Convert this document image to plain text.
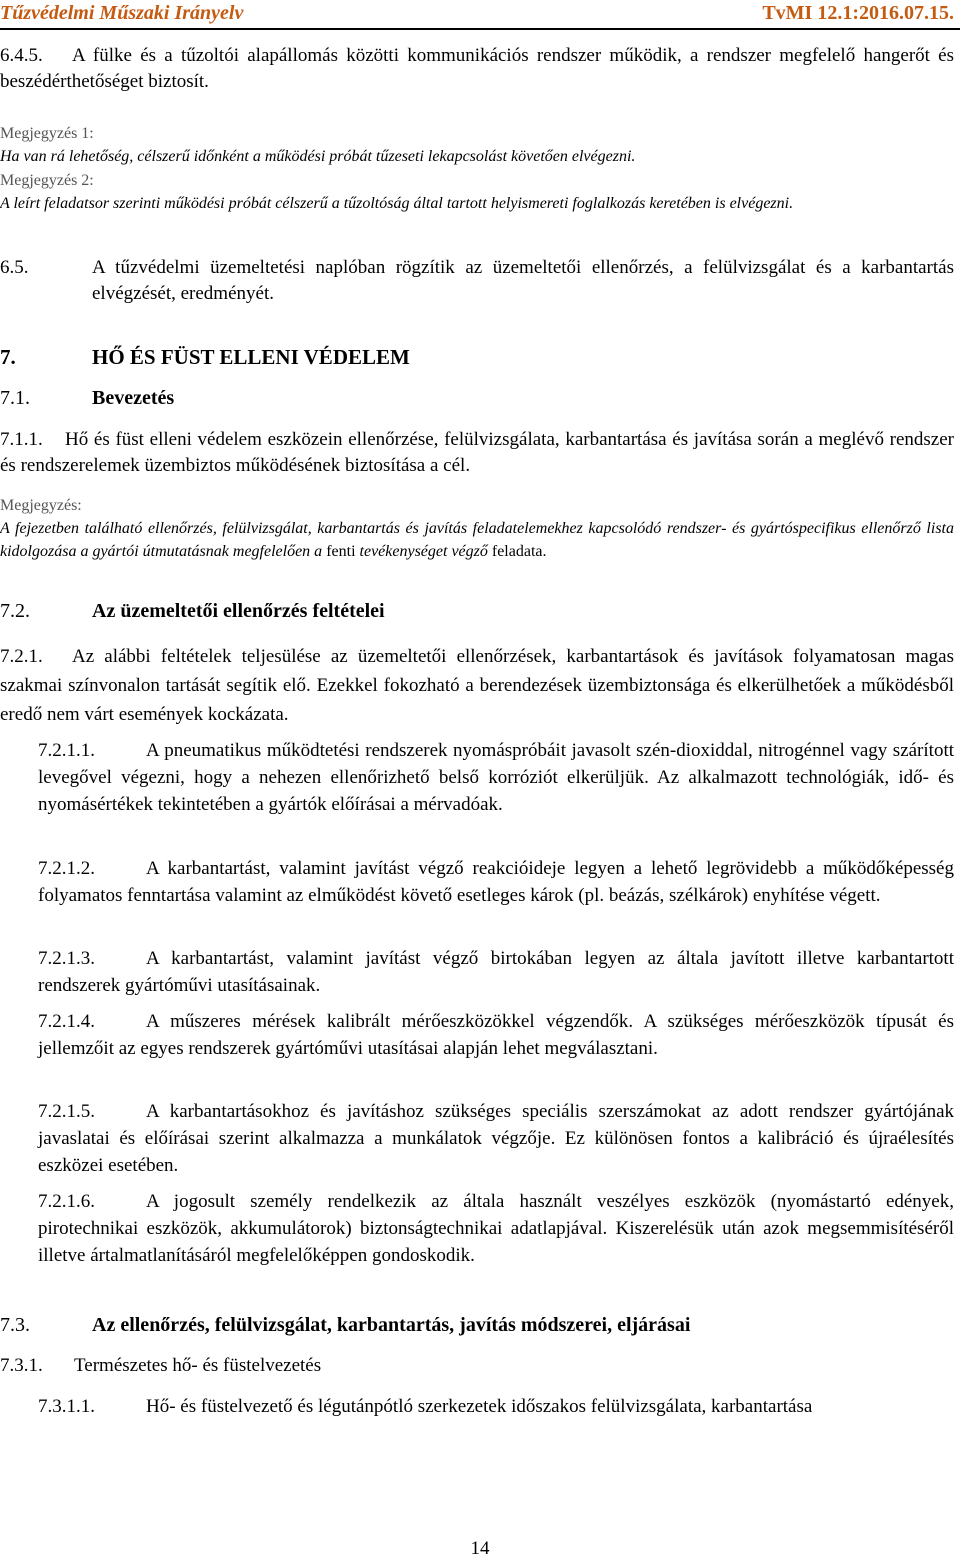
Tűzvédelmi Műszaki Irányelv	TvMI 12.1:2016.07.15.

6.4.5. A fülke és a tűzoltói alapállomás közötti kommunikációs rendszer működik, a rendszer megfelelő hangerőt és beszédérthetőséget biztosít.

Megjegyzés 1:
Ha van rá lehetőség, célszerű időnként a működési próbát tűzeseti lekapcsolást követően elvégezni.
Megjegyzés 2:
A leírt feladatsor szerinti működési próbát célszerű a tűzoltóság által tartott helyismereti foglalkozás keretében is elvégezni.

6.5.	A tűzvédelmi üzemeltetési naplóban rögzítik az üzemeltetői ellenőrzés, a felülvizsgálat és a karbantartás elvégzését, eredményét.

7.	HŐ ÉS FÜST ELLENI VÉDELEM

7.1.	Bevezetés

7.1.1. Hő és füst elleni védelem eszközein ellenőrzése, felülvizsgálata, karbantartása és javítása során a meglévő rendszer és rendszerelemek üzembiztos működésének biztosítása a cél.

Megjegyzés:
A fejezetben található ellenőrzés, felülvizsgálat, karbantartás és javítás feladatelemekhez kapcsolódó rendszer- és gyártóspecifikus ellenőrző lista kidolgozása a gyártói útmutatásnak megfelelően a fenti tevékenységet végző feladata.

7.2.	Az üzemeltetői ellenőrzés feltételei

7.2.1. Az alábbi feltételek teljesülése az üzemeltetői ellenőrzések, karbantartások és javítások folyamatosan magas szakmai színvonalon tartását segítik elő. Ezekkel fokozható a berendezések üzembiztonsága és elkerülhetőek a működésből eredő nem várt események kockázata.

7.2.1.1.	A pneumatikus működtetési rendszerek nyomáspróbáit javasolt szén-dioxiddal, nitrogénnel vagy szárított levegővel végezni, hogy a nehezen ellenőrizhető belső korróziót elkerüljük. Az alkalmazott technológiák, idő- és nyomásértékek tekintetében a gyártók előírásai a mérvadóak.

7.2.1.2.	A karbantartást, valamint javítást végző reakcióideje legyen a lehető legrövidebb a működőképesség folyamatos fenntartása valamint az elműködést követő esetleges károk (pl. beázás, szélkárok) enyhítése végett.

7.2.1.3.	A karbantartást, valamint javítást végző birtokában legyen az általa javított illetve karbantartott rendszerek gyártóművi utasításainak.

7.2.1.4.	A műszeres mérések kalibrált mérőeszközökkel végzendők. A szükséges mérőeszközök típusát és jellemzőit az egyes rendszerek gyártóművi utasításai alapján lehet megválasztani.

7.2.1.5.	A karbantartásokhoz és javításhoz szükséges speciális szerszámokat az adott rendszer gyártójának javaslatai és előírásai szerint alkalmazza a munkálatok végzője. Ez különösen fontos a kalibráció és újraélesítés eszközei esetében.

7.2.1.6.	A jogosult személy rendelkezik az általa használt veszélyes eszközök (nyomástartó edények, pirotechnikai eszközök, akkumulátorok) biztonságtechnikai adatlapjával. Kiszerelésük után azok megsemmisítéséről illetve ártalmatlanításáról megfelelőképpen gondoskodik.

7.3.	Az ellenőrzés, felülvizsgálat, karbantartás, javítás módszerei, eljárásai

7.3.1.	Természetes hő- és füstelvezetés

7.3.1.1.	Hő- és füstelvezető és légutánpótló szerkezetek időszakos felülvizsgálata, karbantartása

14
